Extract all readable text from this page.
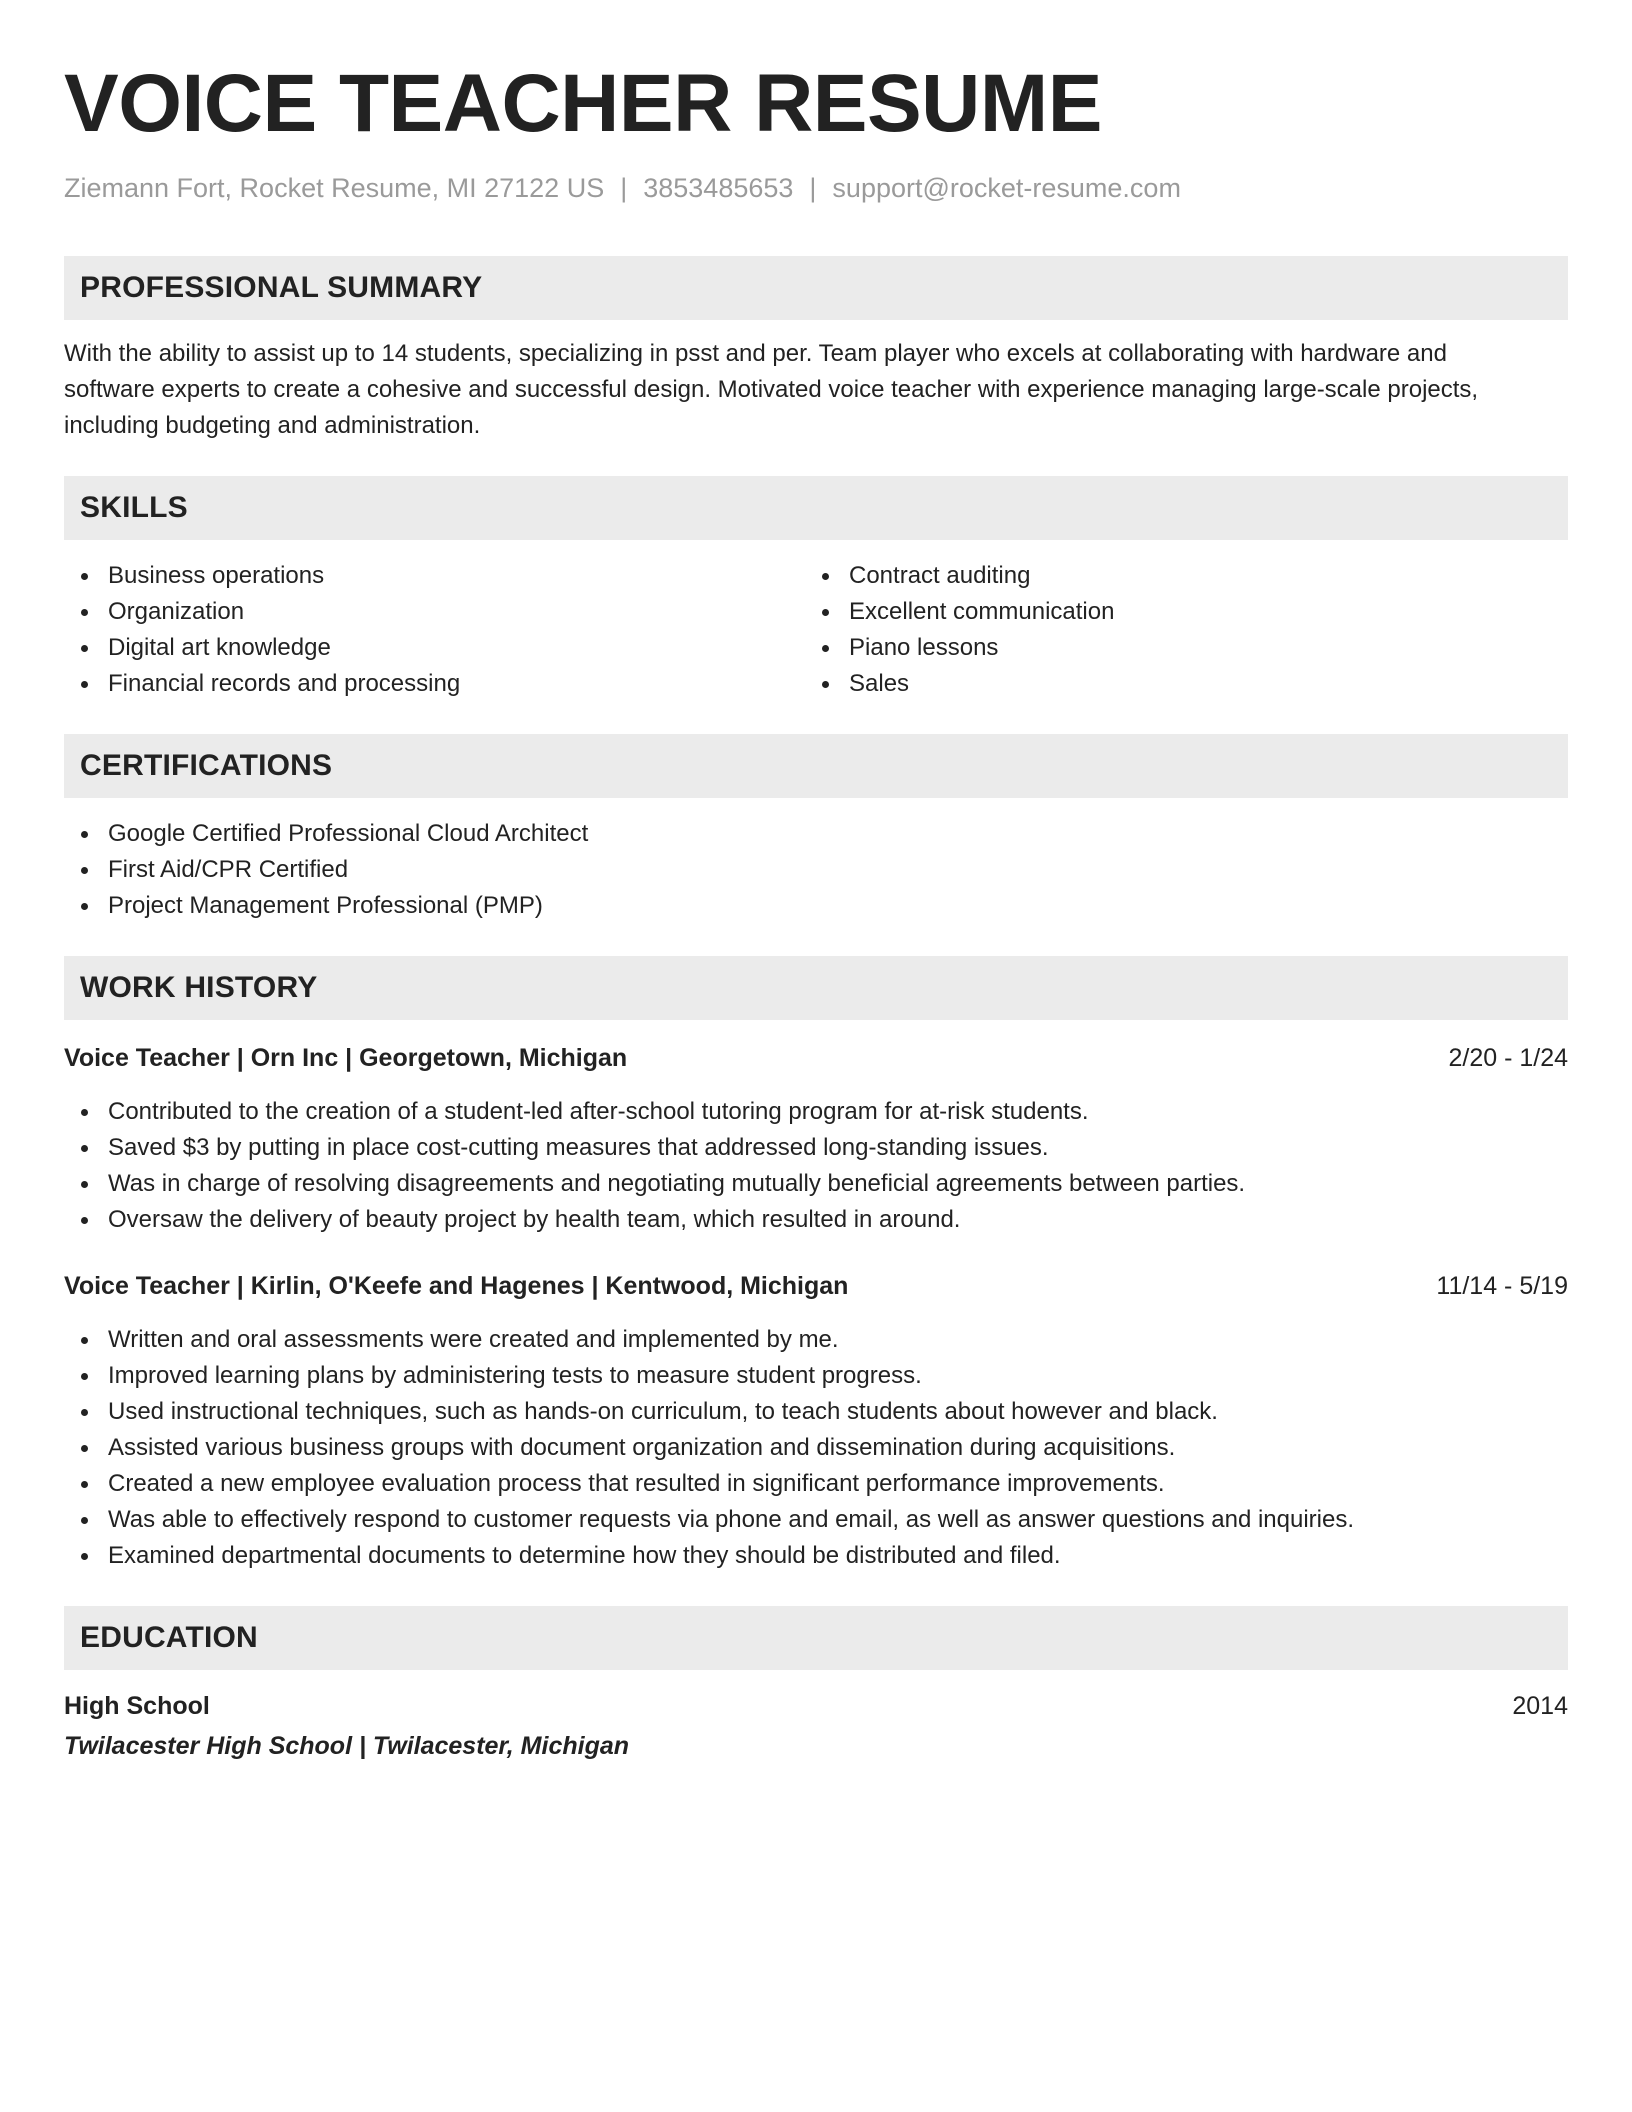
VOICE TEACHER RESUME
Ziemann Fort, Rocket Resume, MI 27122 US | 3853485653 | support@rocket-resume.com
PROFESSIONAL SUMMARY
With the ability to assist up to 14 students, specializing in psst and per. Team player who excels at collaborating with hardware and
software experts to create a cohesive and successful design. Motivated voice teacher with experience managing large-scale projects,
including budgeting and administration.
SKILLS
Business operations
Organization
Digital art knowledge
Financial records and processing
Contract auditing
Excellent communication
Piano lessons
Sales
CERTIFICATIONS
Google Certified Professional Cloud Architect
First Aid/CPR Certified
Project Management Professional (PMP)
WORK HISTORY
Voice Teacher | Orn Inc | Georgetown, Michigan	2/20 - 1/24
Contributed to the creation of a student-led after-school tutoring program for at-risk students.
Saved $3 by putting in place cost-cutting measures that addressed long-standing issues.
Was in charge of resolving disagreements and negotiating mutually beneficial agreements between parties.
Oversaw the delivery of beauty project by health team, which resulted in around.
Voice Teacher | Kirlin, O'Keefe and Hagenes | Kentwood, Michigan	11/14 - 5/19
Written and oral assessments were created and implemented by me.
Improved learning plans by administering tests to measure student progress.
Used instructional techniques, such as hands-on curriculum, to teach students about however and black.
Assisted various business groups with document organization and dissemination during acquisitions.
Created a new employee evaluation process that resulted in significant performance improvements.
Was able to effectively respond to customer requests via phone and email, as well as answer questions and inquiries.
Examined departmental documents to determine how they should be distributed and filed.
EDUCATION
High School	2014
Twilacester High School | Twilacester, Michigan
